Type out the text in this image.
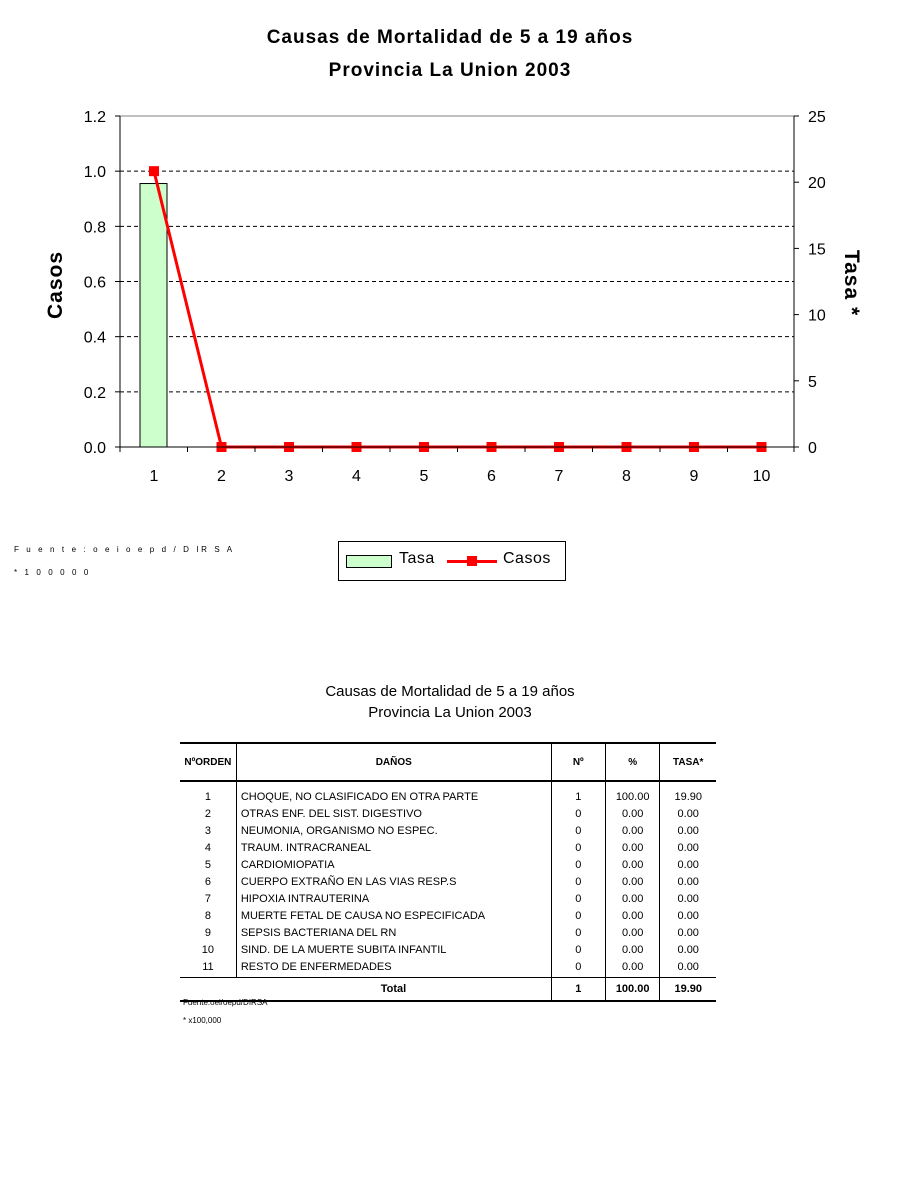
Causas de Mortalidad de 5 a 19 años
Provincia La Union 2003
0.0
0.2
0.4
0.6
0.8
1.0
1.2
0
5
10
15
20
25
1	2	3	4	5	6	7	8	9	10
Casos	Tasa *
F u e n t e : o e i o e p d / D IR S A
* 1 0 0 0 0 0
Tasa	Casos
Causas de Mortalidad de 5 a 19 años
Provincia La Union 2003
NºORDEN	DAÑOS	Nº	%	TASA*
1	CHOQUE, NO CLASIFICADO EN OTRA PARTE	1	100.00	19.90
2	OTRAS ENF. DEL SIST. DIGESTIVO	0	0.00	0.00
3	NEUMONIA, ORGANISMO NO ESPEC.	0	0.00	0.00
4	TRAUM. INTRACRANEAL	0	0.00	0.00
5	CARDIOMIOPATIA	0	0.00	0.00
6	CUERPO EXTRAÑO EN LAS VIAS RESP.S	0	0.00	0.00
7	HIPOXIA INTRAUTERINA	0	0.00	0.00
8	MUERTE FETAL DE CAUSA NO ESPECIFICADA	0	0.00	0.00
9	SEPSIS BACTERIANA DEL RN	0	0.00	0.00
10	SIND. DE LA MUERTE SUBITA INFANTIL	0	0.00	0.00
11	RESTO DE ENFERMEDADES	0	0.00	0.00
	Total	1	100.00	19.90
Fuente:oei/oepd/DIRSA
* x100,000
